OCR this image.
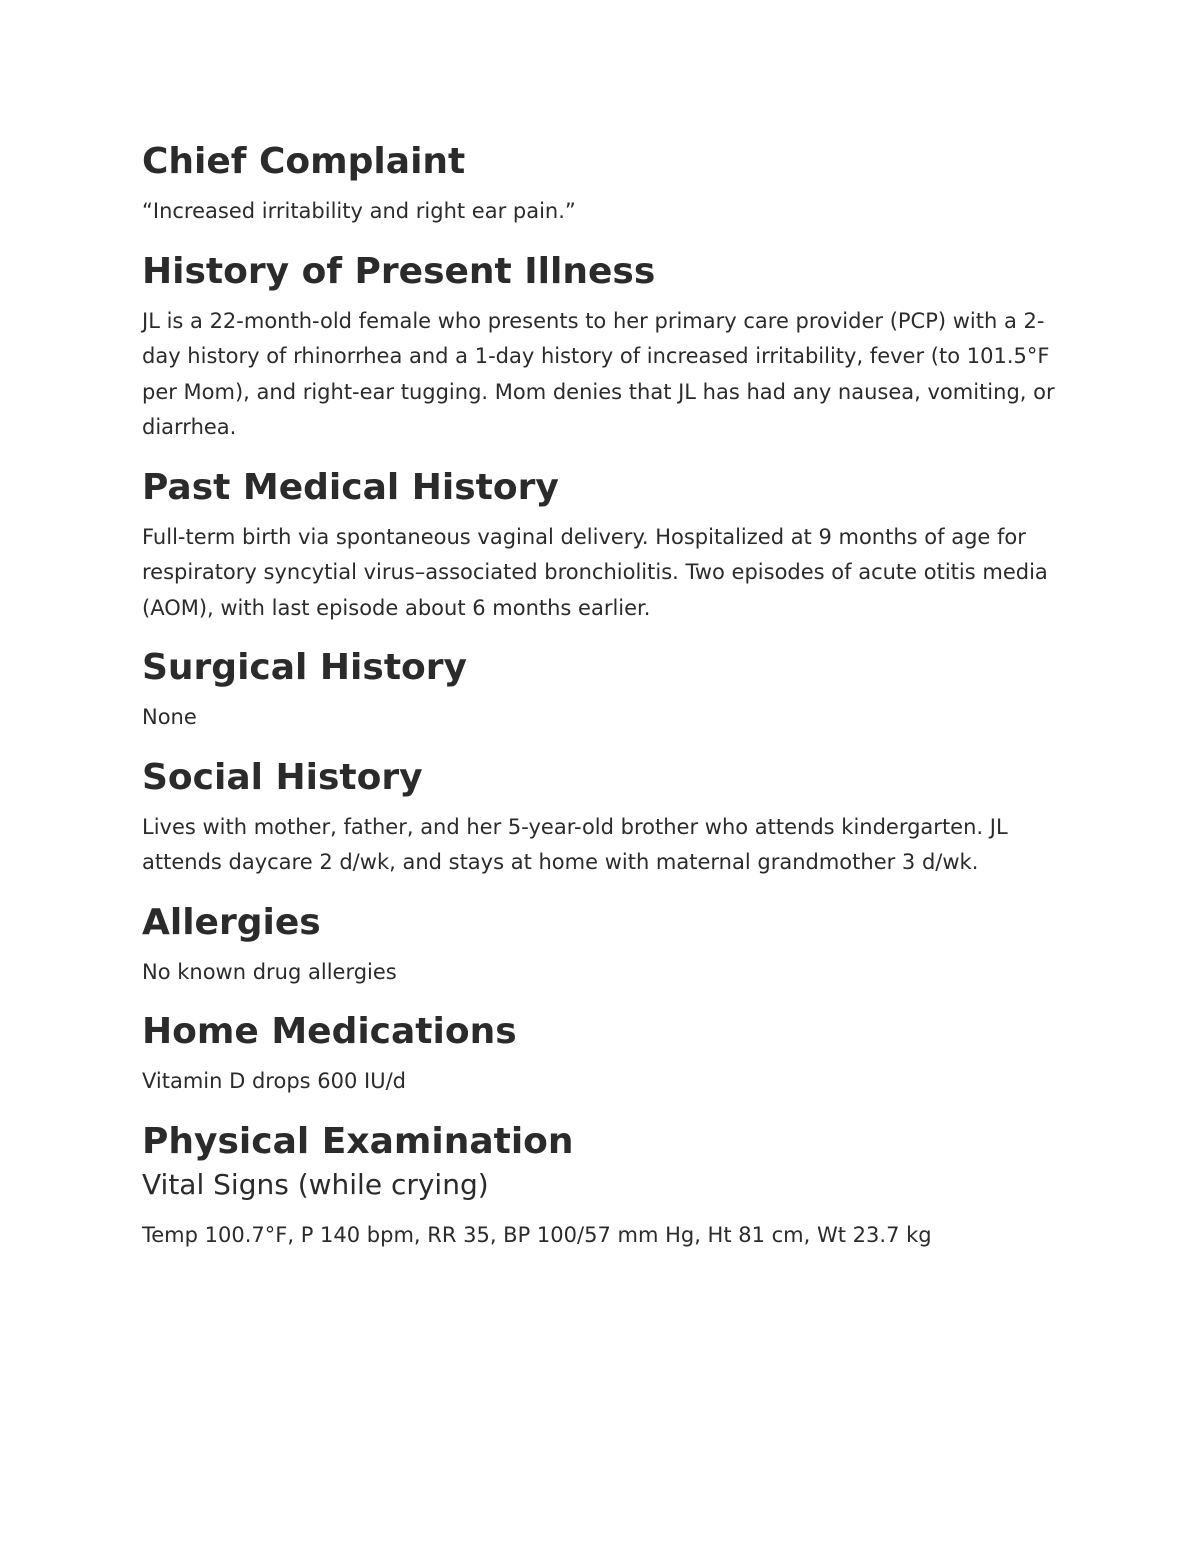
Chief Complaint

“Increased irritability and right ear pain.”

History of Present Illness

JL is a 22-month-old female who presents to her primary care provider (PCP) with a 2-day history of rhinorrhea and a 1-day history of increased irritability, fever (to 101.5°F per Mom), and right-ear tugging. Mom denies that JL has had any nausea, vomiting, or diarrhea.

Past Medical History

Full-term birth via spontaneous vaginal delivery. Hospitalized at 9 months of age for respiratory syncytial virus–associated bronchiolitis. Two episodes of acute otitis media (AOM), with last episode about 6 months earlier.

Surgical History

None

Social History

Lives with mother, father, and her 5-year-old brother who attends kindergarten. JL attends daycare 2 d/wk, and stays at home with maternal grandmother 3 d/wk.

Allergies

No known drug allergies

Home Medications

Vitamin D drops 600 IU/d

Physical Examination
Vital Signs (while crying)

Temp 100.7°F, P 140 bpm, RR 35, BP 100/57 mm Hg, Ht 81 cm, Wt 23.7 kg
